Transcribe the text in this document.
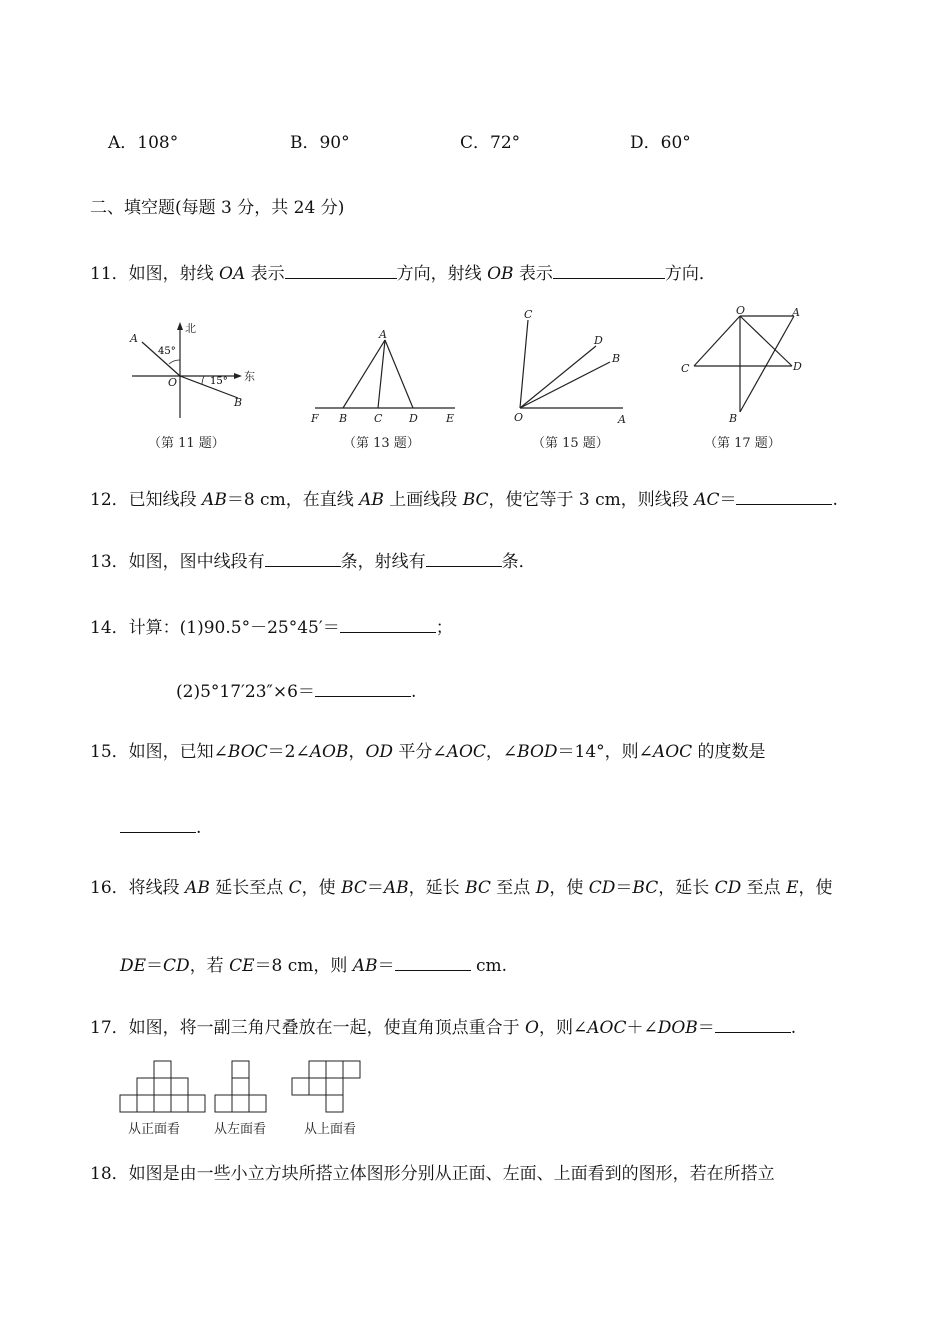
A．108°	B．90°	C．72°	D．60°
二、填空题(每题 3 分，共 24 分)
11．如图，射线 OA 表示	方向，射线 OB 表示	方向．
北
东
45°
15°
A
B
O
（第 11 题）
A
F B C D	E
（第 13 题）
C
D
B
O	A
（第 15 题）
O	A
C	D
B
（第 17 题）
12．已知线段 AB＝8 cm，在直线 AB 上画线段 BC，使它等于 3 cm，则线段 AC＝	.
13．如图，图中线段有	条，射线有	条．
14．计算：(1)90.5°－25°45′＝	；
(2)5°17′23″×6＝	.
15．如图，已知∠BOC＝2∠AOB，OD 平分∠AOC，∠BOD＝14°，则∠AOC 的度数是
.
16．将线段 AB 延长至点 C，使 BC＝AB，延长 BC 至点 D，使 CD＝BC，延长 CD 至点 E，使
DE＝CD，若 CE＝8 cm，则 AB＝	cm.
17．如图，将一副三角尺叠放在一起，使直角顶点重合于 O，则∠AOC＋∠DOB＝	.
从正面看	从左面看	从上面看
18．如图是由一些小立方块所搭立体图形分别从正面、左面、上面看到的图形，若在所搭立
